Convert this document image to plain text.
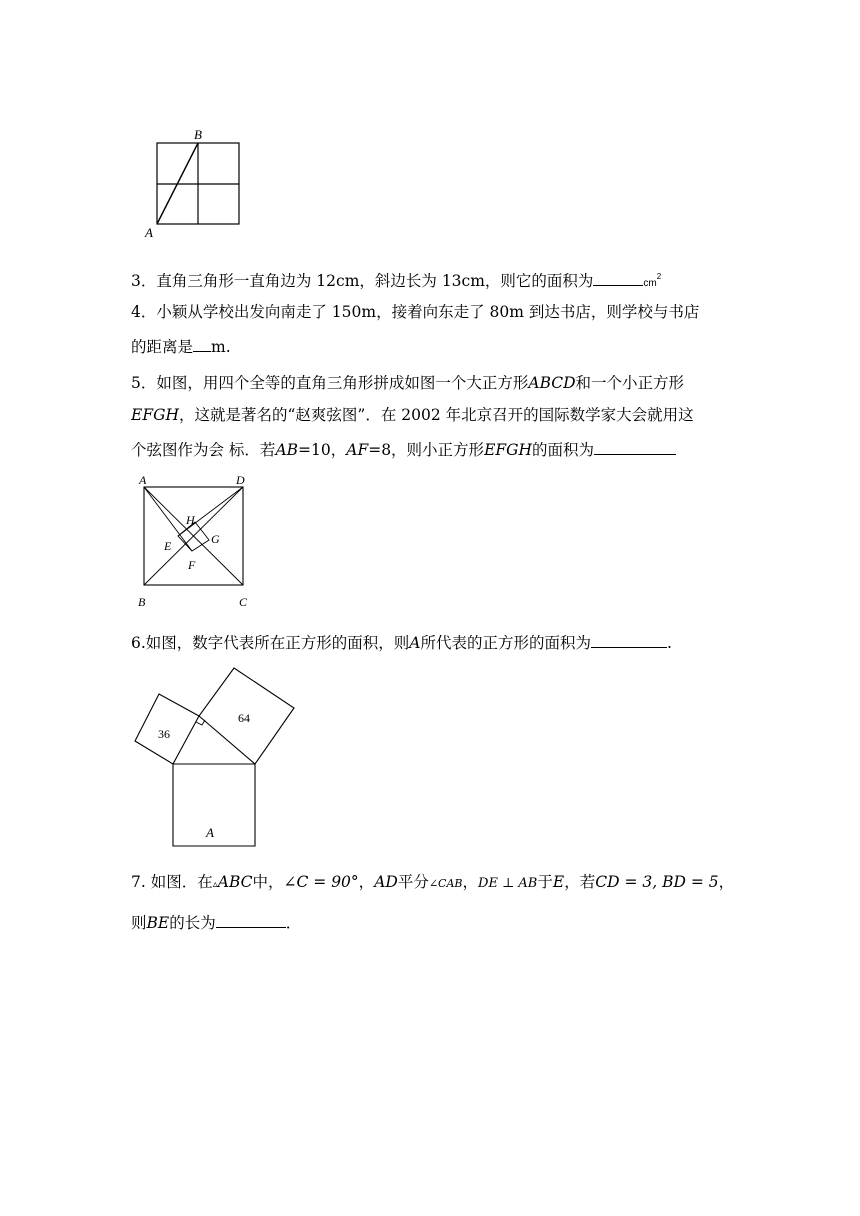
B
A
3．直角三角形一直角边为 12cm，斜边长为 13cm，则它的面积为	$cm^2$
4．小颖从学校出发向南走了 150m，接着向东走了 80m 到达书店，则学校与书店
的距离是 m.
5．如图，用四个全等的直角三角形拼成如图一个大正方形ABCD和一个小正方形
EFGH，这就是著名的“赵爽弦图”．在 2002 年北京召开的国际数学家大会就用这
个弦图作为会 标．若AB=10，AF=8，则小正方形EFGH的面积为
A	D
B	C
H
E	G
F
6.如图，数字代表所在正方形的面积，则A所代表的正方形的面积为	.
36
64
A
7. 如图．在▵ABC中，∠C = 90°，AD平分∠CAB，DE ⊥ AB于E，若CD = 3, BD = 5，
则BE的长为	．
